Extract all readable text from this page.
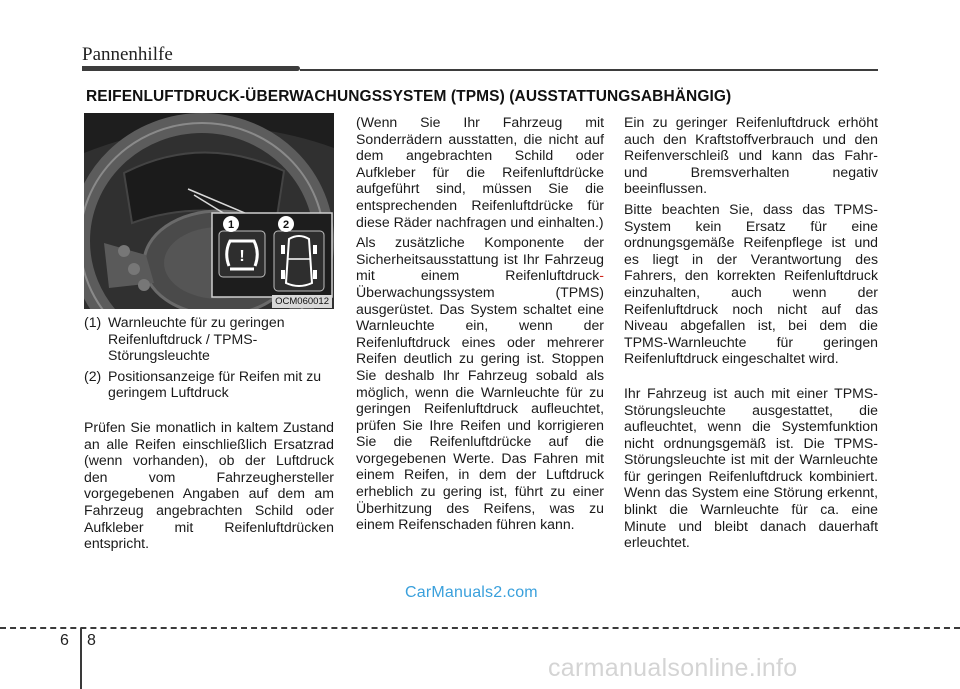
Pannenhilfe
REIFENLUFTDRUCK-ÜBERWACHUNGSSYSTEM (TPMS) (AUSSTATTUNGSABHÄNGIG)
!
1	2
OCM060012
(1) Warnleuchte für zu geringen Reifenluftdruck / TPMS-Störungsleuchte
(2) Positionsanzeige für Reifen mit zu geringem Luftdruck

Prüfen Sie monatlich in kaltem Zustand an alle Reifen einschließlich Ersatzrad (wenn vorhanden), ob der Luftdruck den vom Fahrzeughersteller vorgegebenen Angaben auf dem am Fahrzeug angebrachten Schild oder Aufkleber mit Reifenluftdrücken entspricht.

(Wenn Sie Ihr Fahrzeug mit Sonderrädern ausstatten, die nicht auf dem angebrachten Schild oder Aufkleber für die Reifenluftdrücke aufgeführt sind, müssen Sie die entsprechenden Reifenluftdrücke für diese Räder nachfragen und einhalten.)

Als zusätzliche Komponente der Sicherheitsausstattung ist Ihr Fahrzeug mit einem Reifenluftdruck- Überwachungssystem (TPMS) ausgerüstet. Das System schaltet eine Warnleuchte ein, wenn der Reifenluftdruck eines oder mehrerer Reifen deutlich zu gering ist. Stoppen Sie deshalb Ihr Fahrzeug sobald als möglich, wenn die Warnleuchte für zu geringen Reifenluftdruck aufleuchtet, prüfen Sie Ihre Reifen und korrigieren Sie die Reifenluftdrücke auf die vorgegebenen Werte. Das Fahren mit einem Reifen, in dem der Luftdruck erheblich zu gering ist, führt zu einer Überhitzung des Reifens, was zu einem Reifenschaden führen kann.

Ein zu geringer Reifenluftdruck erhöht auch den Kraftstoffverbrauch und den Reifenverschleiß und kann das Fahr- und Bremsverhalten negativ beeinflussen.

Bitte beachten Sie, dass das TPMS-System kein Ersatz für eine ordnungsgemäße Reifenpflege ist und es liegt in der Verantwortung des Fahrers, den korrekten Reifenluftdruck einzuhalten, auch wenn der Reifenluftdruck noch nicht auf das Niveau abgefallen ist, bei dem die TPMS-Warnleuchte für geringen Reifenluftdruck eingeschaltet wird.

Ihr Fahrzeug ist auch mit einer TPMS-Störungsleuchte ausgestattet, die aufleuchtet, wenn die Systemfunktion nicht ordnungsgemäß ist. Die TPMS-Störungsleuchte ist mit der Warnleuchte für geringen Reifenluftdruck kombiniert. Wenn das System eine Störung erkennt, blinkt die Warnleuchte für ca. eine Minute und bleibt danach dauerhaft erleuchtet.

CarManuals2.com
6 8
carmanualsonline.info
